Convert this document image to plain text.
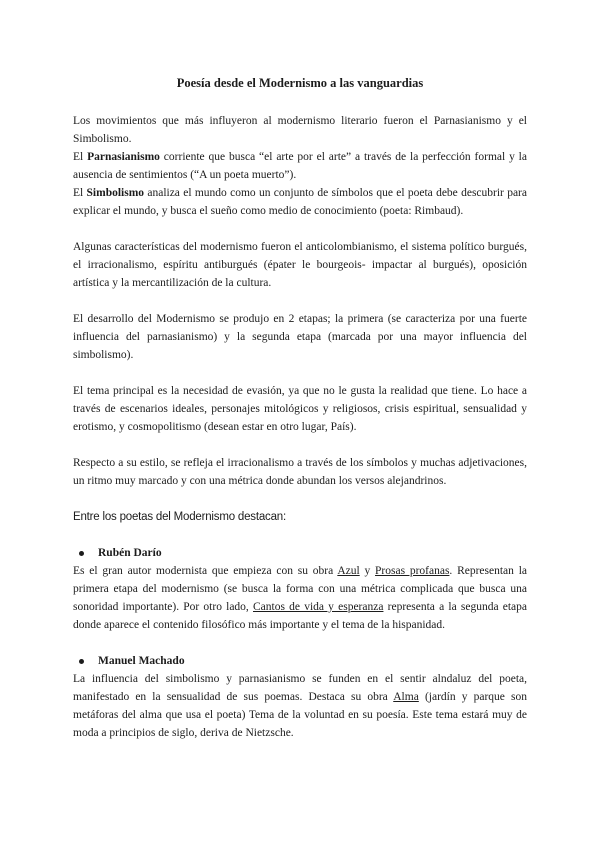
Poesía desde el Modernismo a las vanguardias

Los movimientos que más influyeron al modernismo literario fueron el Parnasianismo y el Simbolismo.

El Parnasianismo corriente que busca “el arte por el arte” a través de la perfección formal y la ausencia de sentimientos (“A un poeta muerto”).

El Simbolismo analiza el mundo como un conjunto de símbolos que el poeta debe descubrir para explicar el mundo, y busca el sueño como medio de conocimiento (poeta: Rimbaud).

Algunas características del modernismo fueron el anticolombianismo, el sistema político burgués, el irracionalismo, espíritu antiburgués (épater le bourgeois- impactar al burgués), oposición artística y la mercantilización de la cultura.

El desarrollo del Modernismo se produjo en 2 etapas; la primera (se caracteriza por una fuerte influencia del parnasianismo) y la segunda etapa (marcada por una mayor influencia del simbolismo).

El tema principal es la necesidad de evasión, ya que no le gusta la realidad que tiene. Lo hace a través de escenarios ideales, personajes mitológicos y religiosos, crisis espiritual, sensualidad y erotismo, y cosmopolitismo (desean estar en otro lugar, País).

Respecto a su estilo, se refleja el irracionalismo a través de los símbolos y muchas adjetivaciones, un ritmo muy marcado y con una métrica donde abundan los versos alejandrinos.

Entre los poetas del Modernismo destacan:

Rubén Darío

Es el gran autor modernista que empieza con su obra Azul y Prosas profanas. Representan la primera etapa del modernismo (se busca la forma con una métrica complicada que busca una sonoridad importante). Por otro lado, Cantos de vida y esperanza representa a la segunda etapa donde aparece el contenido filosófico más importante y el tema de la hispanidad.

Manuel Machado

La influencia del simbolismo y parnasianismo se funden en el sentir alndaluz del poeta, manifestado en la sensualidad de sus poemas. Destaca su obra Alma (jardín y parque son metáforas del alma que usa el poeta) Tema de la voluntad en su poesía. Este tema estará muy de moda a principios de siglo, deriva de Nietzsche.
